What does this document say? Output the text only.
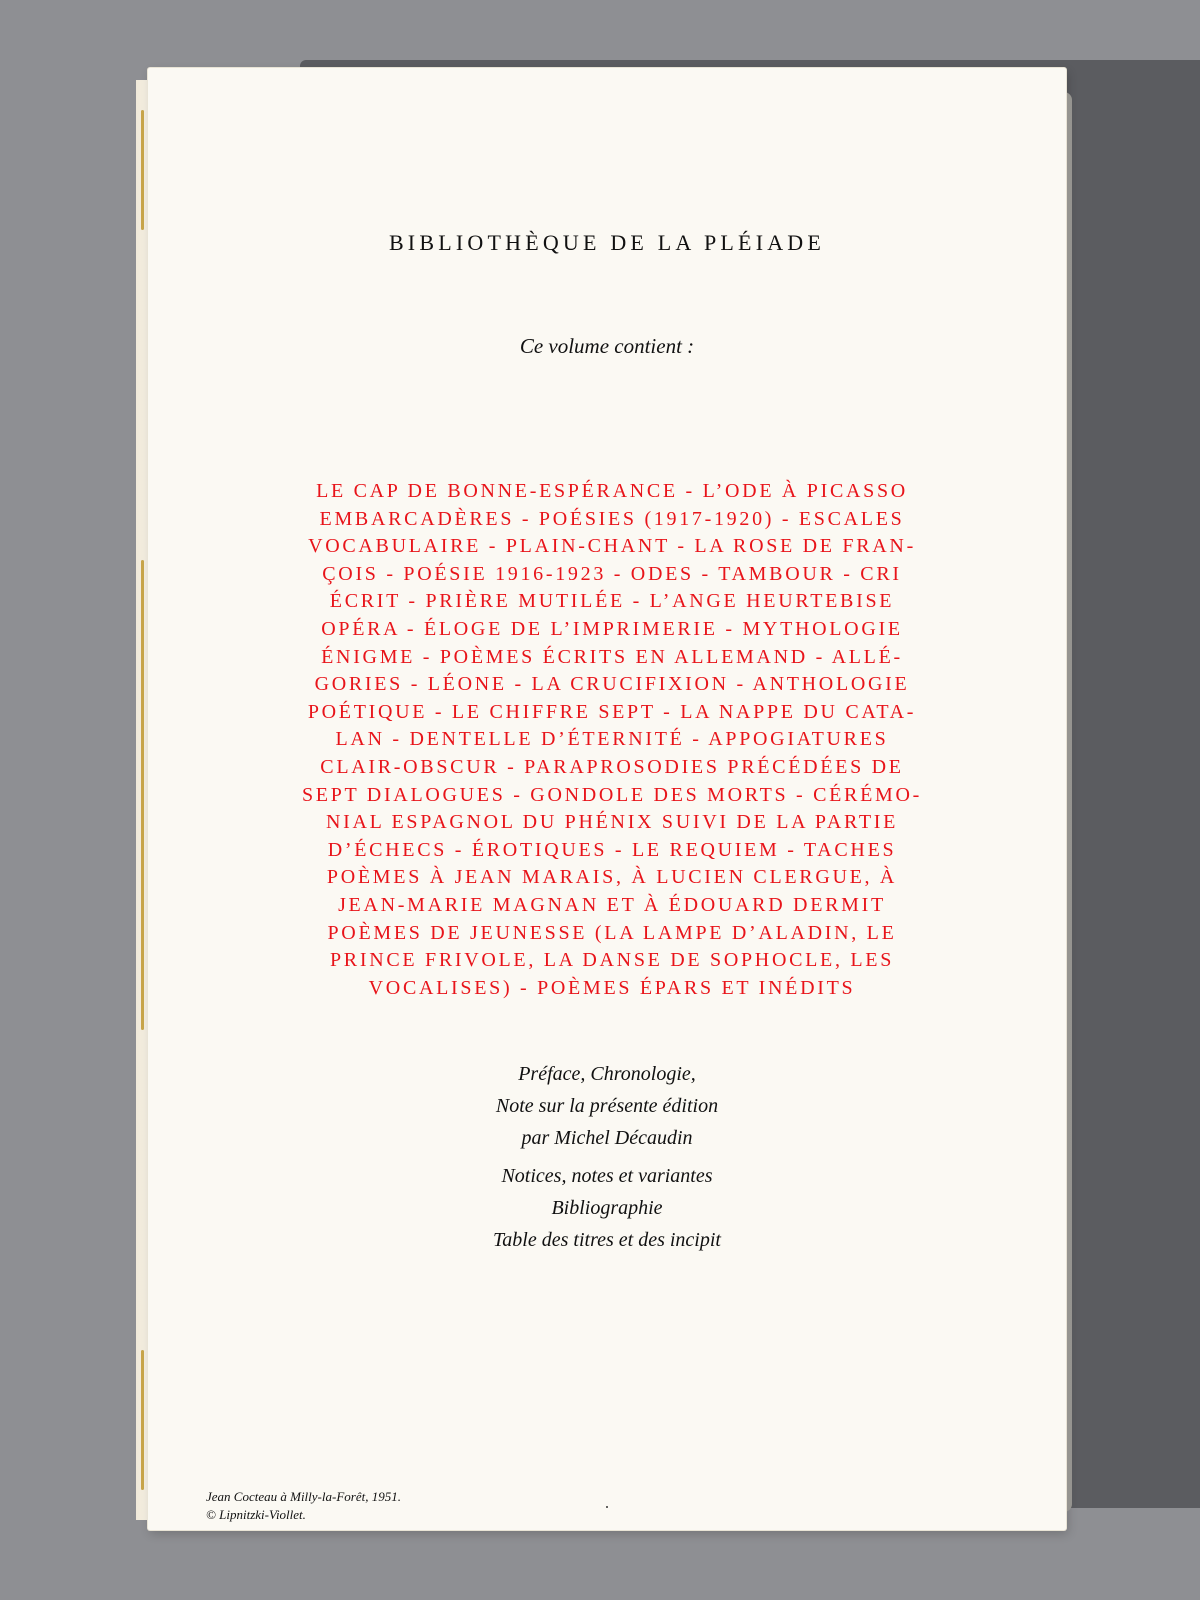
BIBLIOTHÈQUE DE LA PLÉIADE
Ce volume contient :
LE CAP DE BONNE-ESPÉRANCE - L’ODE À PICASSO
EMBARCADÈRES - POÉSIES (1917-1920) - ESCALES
VOCABULAIRE - PLAIN-CHANT - LA ROSE DE FRAN-
ÇOIS - POÉSIE 1916-1923 - ODES - TAMBOUR - CRI
ÉCRIT - PRIÈRE MUTILÉE - L’ANGE HEURTEBISE
OPÉRA - ÉLOGE DE L’IMPRIMERIE - MYTHOLOGIE
ÉNIGME - POÈMES ÉCRITS EN ALLEMAND - ALLÉ-
GORIES - LÉONE - LA CRUCIFIXION - ANTHOLOGIE
POÉTIQUE - LE CHIFFRE SEPT - LA NAPPE DU CATA-
LAN - DENTELLE D’ÉTERNITÉ - APPOGIATURES
CLAIR-OBSCUR - PARAPROSODIES PRÉCÉDÉES DE
SEPT DIALOGUES - GONDOLE DES MORTS - CÉRÉMO-
NIAL ESPAGNOL DU PHÉNIX SUIVI DE LA PARTIE
D’ÉCHECS - ÉROTIQUES - LE REQUIEM - TACHES
POÈMES À JEAN MARAIS, À LUCIEN CLERGUE, À
JEAN-MARIE MAGNAN ET À ÉDOUARD DERMIT
POÈMES DE JEUNESSE (LA LAMPE D’ALADIN, LE
PRINCE FRIVOLE, LA DANSE DE SOPHOCLE, LES
VOCALISES) - POÈMES ÉPARS ET INÉDITS
Préface, Chronologie,
Note sur la présente édition
par Michel Décaudin
Notices, notes et variantes
Bibliographie
Table des titres et des incipit
Jean Cocteau à Milly-la-Forêt, 1951.
© Lipnitzki-Viollet.
